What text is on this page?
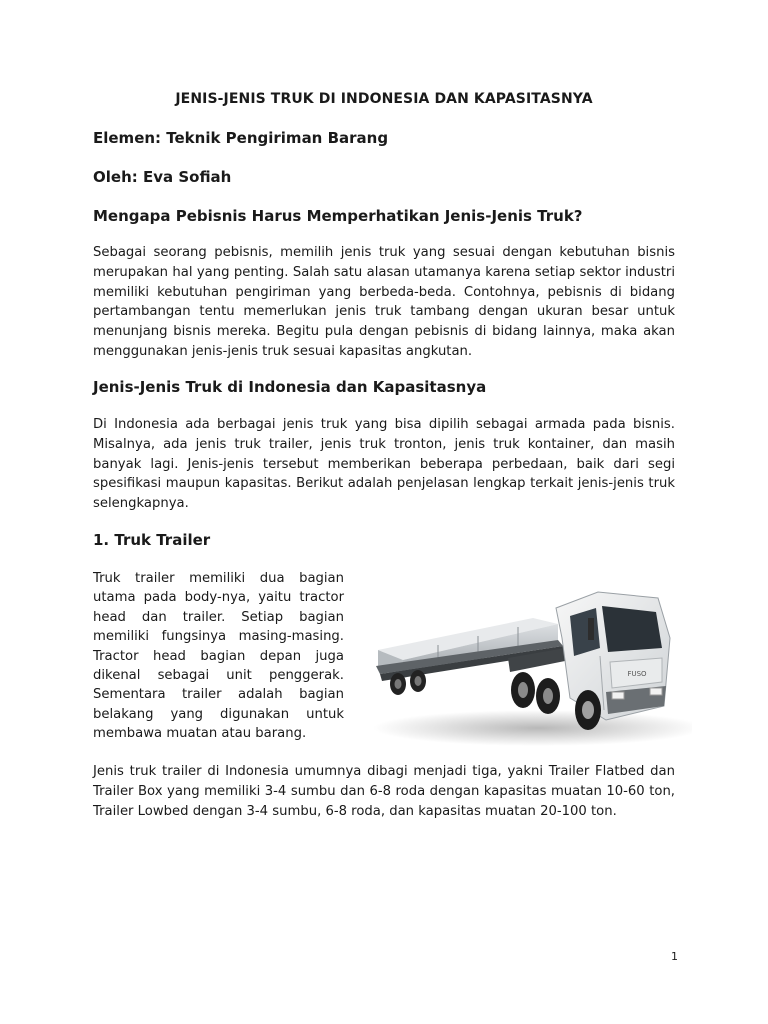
JENIS-JENIS TRUK DI INDONESIA DAN KAPASITASNYA
Elemen: Teknik Pengiriman Barang
Oleh: Eva Sofiah
Mengapa Pebisnis Harus Memperhatikan Jenis-Jenis Truk?

Sebagai seorang pebisnis, memilih jenis truk yang sesuai dengan kebutuhan bisnis merupakan hal yang penting. Salah satu alasan utamanya karena setiap sektor industri memiliki kebutuhan pengiriman yang berbeda-beda. Contohnya, pebisnis di bidang pertambangan tentu memerlukan jenis truk tambang dengan ukuran besar untuk menunjang bisnis mereka. Begitu pula dengan pebisnis di bidang lainnya, maka akan menggunakan jenis-jenis truk sesuai kapasitas angkutan.

Jenis-Jenis Truk di Indonesia dan Kapasitasnya

Di Indonesia ada berbagai jenis truk yang bisa dipilih sebagai armada pada bisnis. Misalnya, ada jenis truk trailer, jenis truk tronton, jenis truk kontainer, dan masih banyak lagi. Jenis-jenis tersebut memberikan beberapa perbedaan, baik dari segi spesifikasi maupun kapasitas. Berikut adalah penjelasan lengkap terkait jenis-jenis truk selengkapnya.

1. Truk Trailer

Truk trailer memiliki dua bagian utama pada body-nya, yaitu tractor head dan trailer. Setiap bagian memiliki fungsinya masing-masing. Tractor head bagian depan juga dikenal sebagai unit penggerak. Sementara trailer adalah bagian belakang yang digunakan untuk membawa muatan atau barang.

FUSO

Jenis truk trailer di Indonesia umumnya dibagi menjadi tiga, yakni Trailer Flatbed dan Trailer Box yang memiliki 3-4 sumbu dan 6-8 roda dengan kapasitas muatan 10-60 ton, Trailer Lowbed dengan 3-4 sumbu, 6-8 roda, dan kapasitas muatan 20-100 ton.

1
